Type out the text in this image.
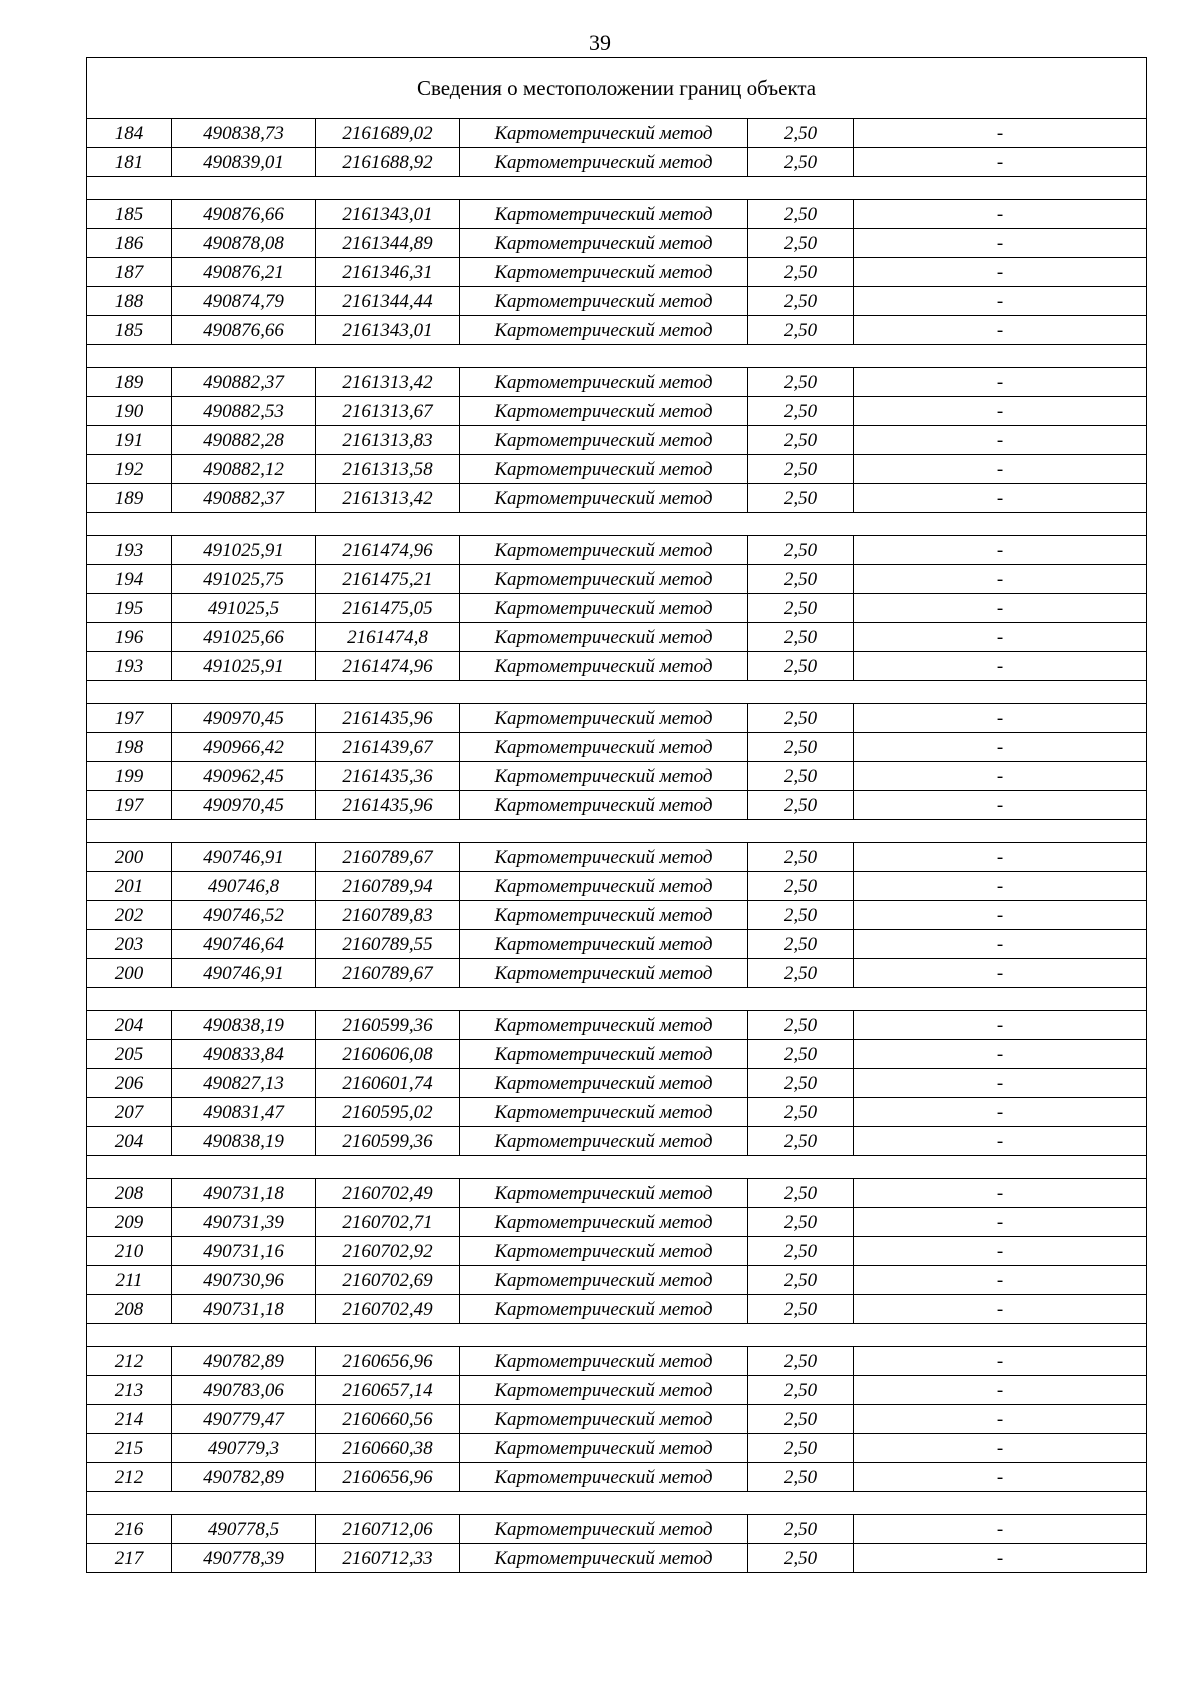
39
Сведения о местоположении границ объекта					
184	490838,73	2161689,02	Картометрический метод	2,50	-
181	490839,01	2161688,92	Картометрический метод	2,50	-

185	490876,66	2161343,01	Картометрический метод	2,50	-
186	490878,08	2161344,89	Картометрический метод	2,50	-
187	490876,21	2161346,31	Картометрический метод	2,50	-
188	490874,79	2161344,44	Картометрический метод	2,50	-
185	490876,66	2161343,01	Картометрический метод	2,50	-

189	490882,37	2161313,42	Картометрический метод	2,50	-
190	490882,53	2161313,67	Картометрический метод	2,50	-
191	490882,28	2161313,83	Картометрический метод	2,50	-
192	490882,12	2161313,58	Картометрический метод	2,50	-
189	490882,37	2161313,42	Картометрический метод	2,50	-

193	491025,91	2161474,96	Картометрический метод	2,50	-
194	491025,75	2161475,21	Картометрический метод	2,50	-
195	491025,5	2161475,05	Картометрический метод	2,50	-
196	491025,66	2161474,8	Картометрический метод	2,50	-
193	491025,91	2161474,96	Картометрический метод	2,50	-

197	490970,45	2161435,96	Картометрический метод	2,50	-
198	490966,42	2161439,67	Картометрический метод	2,50	-
199	490962,45	2161435,36	Картометрический метод	2,50	-
197	490970,45	2161435,96	Картометрический метод	2,50	-

200	490746,91	2160789,67	Картометрический метод	2,50	-
201	490746,8	2160789,94	Картометрический метод	2,50	-
202	490746,52	2160789,83	Картометрический метод	2,50	-
203	490746,64	2160789,55	Картометрический метод	2,50	-
200	490746,91	2160789,67	Картометрический метод	2,50	-

204	490838,19	2160599,36	Картометрический метод	2,50	-
205	490833,84	2160606,08	Картометрический метод	2,50	-
206	490827,13	2160601,74	Картометрический метод	2,50	-
207	490831,47	2160595,02	Картометрический метод	2,50	-
204	490838,19	2160599,36	Картометрический метод	2,50	-

208	490731,18	2160702,49	Картометрический метод	2,50	-
209	490731,39	2160702,71	Картометрический метод	2,50	-
210	490731,16	2160702,92	Картометрический метод	2,50	-
211	490730,96	2160702,69	Картометрический метод	2,50	-
208	490731,18	2160702,49	Картометрический метод	2,50	-

212	490782,89	2160656,96	Картометрический метод	2,50	-
213	490783,06	2160657,14	Картометрический метод	2,50	-
214	490779,47	2160660,56	Картометрический метод	2,50	-
215	490779,3	2160660,38	Картометрический метод	2,50	-
212	490782,89	2160656,96	Картометрический метод	2,50	-

216	490778,5	2160712,06	Картометрический метод	2,50	-
217	490778,39	2160712,33	Картометрический метод	2,50	-
